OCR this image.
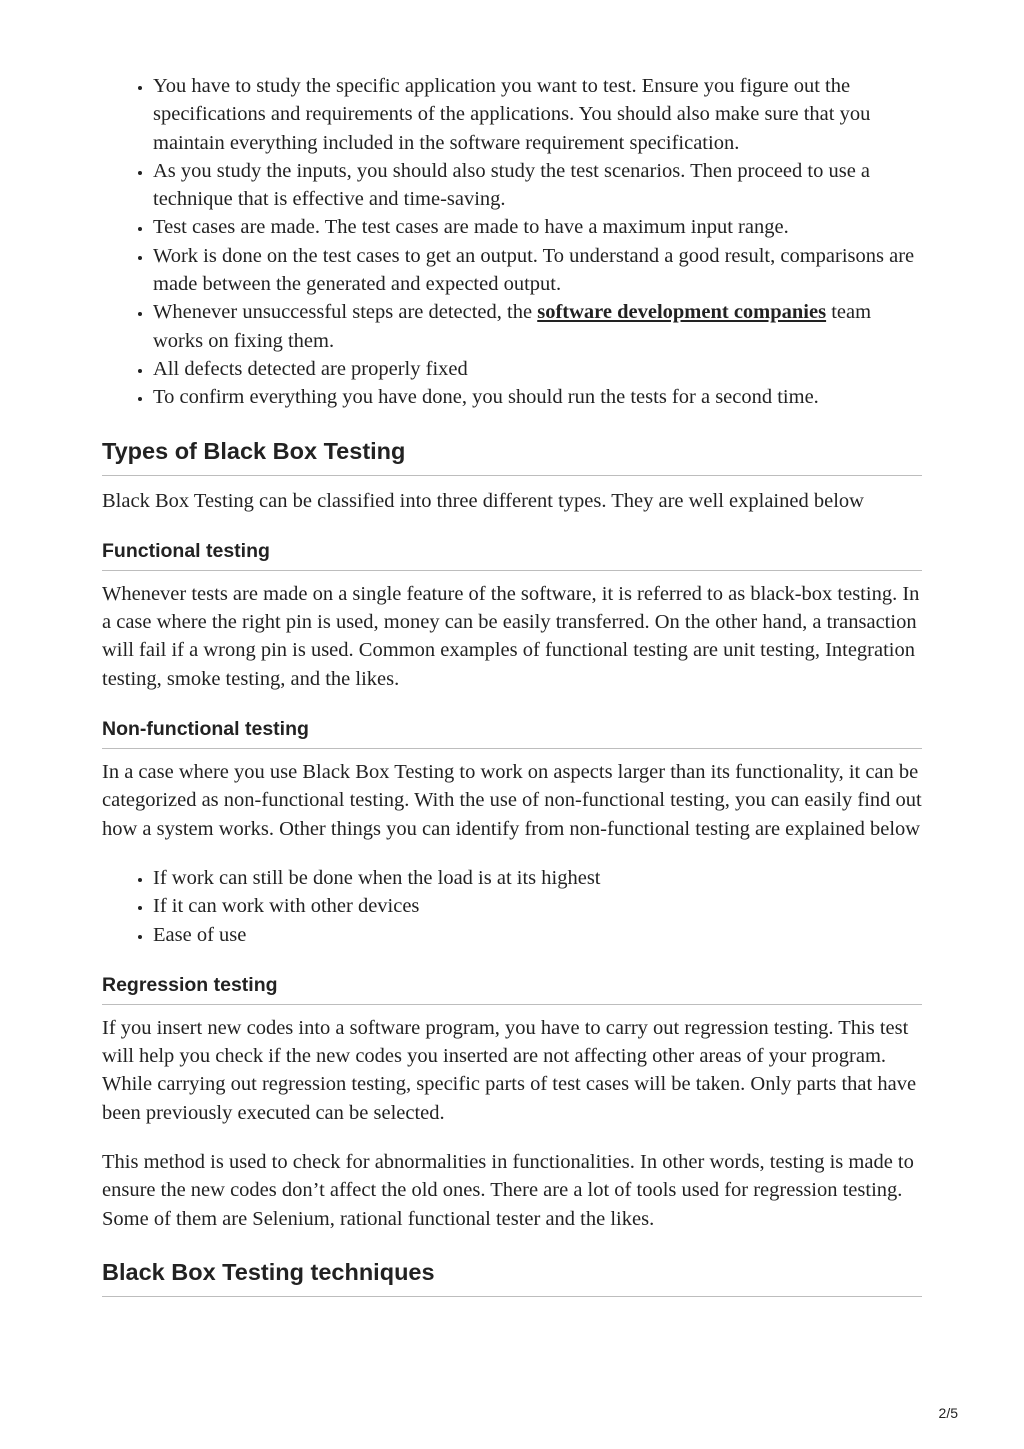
• You have to study the specific application you want to test. Ensure you figure out the specifications and requirements of the applications. You should also make sure that you maintain everything included in the software requirement specification.
• As you study the inputs, you should also study the test scenarios. Then proceed to use a technique that is effective and time-saving.
• Test cases are made. The test cases are made to have a maximum input range.
• Work is done on the test cases to get an output. To understand a good result, comparisons are made between the generated and expected output.
• Whenever unsuccessful steps are detected, the software development companies team works on fixing them.
• All defects detected are properly fixed
• To confirm everything you have done, you should run the tests for a second time.
Types of Black Box Testing

Black Box Testing can be classified into three different types. They are well explained below

Functional testing

Whenever tests are made on a single feature of the software, it is referred to as black-box testing. In a case where the right pin is used, money can be easily transferred. On the other hand, a transaction will fail if a wrong pin is used. Common examples of functional testing are unit testing, Integration testing, smoke testing, and the likes.

Non-functional testing

In a case where you use Black Box Testing to work on aspects larger than its functionality, it can be categorized as non-functional testing. With the use of non-functional testing, you can easily find out how a system works. Other things you can identify from non-functional testing are explained below

• If work can still be done when the load is at its highest
• If it can work with other devices
• Ease of use
Regression testing

If you insert new codes into a software program, you have to carry out regression testing. This test will help you check if the new codes you inserted are not affecting other areas of your program. While carrying out regression testing, specific parts of test cases will be taken. Only parts that have been previously executed can be selected.

This method is used to check for abnormalities in functionalities. In other words, testing is made to ensure the new codes don’t affect the old ones. There are a lot of tools used for regression testing. Some of them are Selenium, rational functional tester and the likes.

Black Box Testing techniques
2/5
